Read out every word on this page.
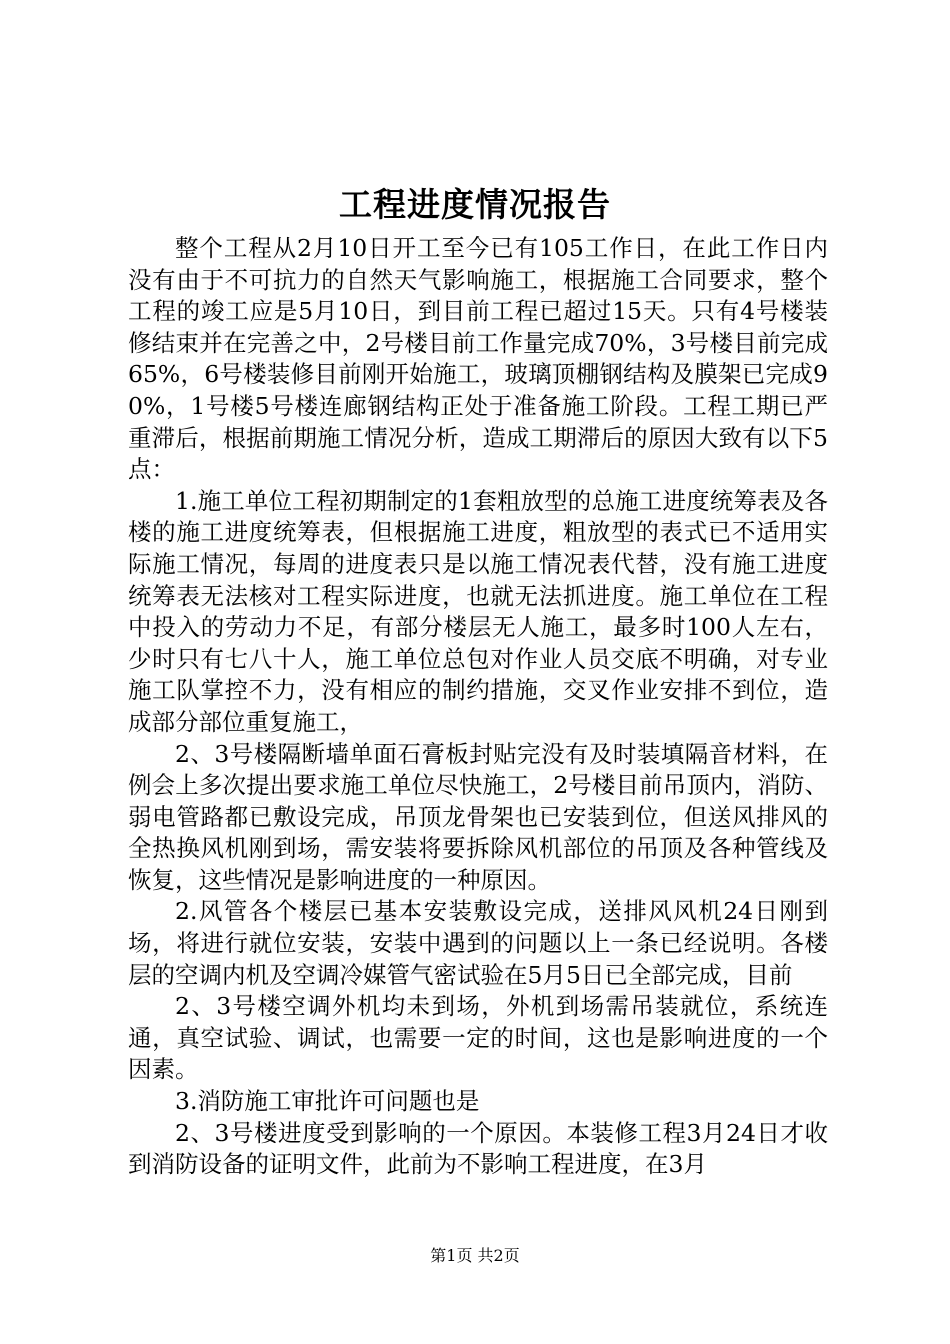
工程进度情况报告

整个工程从2月10日开工至今已有105工作日，在此工作日内没有由于不可抗力的自然天气影响施工，根据施工合同要求，整个工程的竣工应是5月10日，到目前工程已超过15天。只有4号楼装修结束并在完善之中，2号楼目前工作量完成70%，3号楼目前完成65%，6号楼装修目前刚开始施工，玻璃顶棚钢结构及膜架已完成90%，1号楼5号楼连廊钢结构正处于准备施工阶段。工程工期已严重滞后，根据前期施工情况分析，造成工期滞后的原因大致有以下5点：

1.施工单位工程初期制定的1套粗放型的总施工进度统筹表及各楼的施工进度统筹表，但根据施工进度，粗放型的表式已不适用实际施工情况，每周的进度表只是以施工情况表代替，没有施工进度统筹表无法核对工程实际进度，也就无法抓进度。施工单位在工程中投入的劳动力不足，有部分楼层无人施工，最多时100人左右，少时只有七八十人，施工单位总包对作业人员交底不明确，对专业施工队掌控不力，没有相应的制约措施，交叉作业安排不到位，造成部分部位重复施工，

2、3号楼隔断墙单面石膏板封贴完没有及时装填隔音材料，在例会上多次提出要求施工单位尽快施工，2号楼目前吊顶内，消防、弱电管路都已敷设完成，吊顶龙骨架也已安装到位，但送风排风的全热换风机刚到场，需安装将要拆除风机部位的吊顶及各种管线及恢复，这些情况是影响进度的一种原因。

2.风管各个楼层已基本安装敷设完成，送排风风机24日刚到场，将进行就位安装，安装中遇到的问题以上一条已经说明。各楼层的空调内机及空调冷媒管气密试验在5月5日已全部完成，目前

2、3号楼空调外机均未到场，外机到场需吊装就位，系统连通，真空试验、调试，也需要一定的时间，这也是影响进度的一个因素。

3.消防施工审批许可问题也是

2、3号楼进度受到影响的一个原因。本装修工程3月24日才收到消防设备的证明文件，此前为不影响工程进度，在3月

第1页 共2页
